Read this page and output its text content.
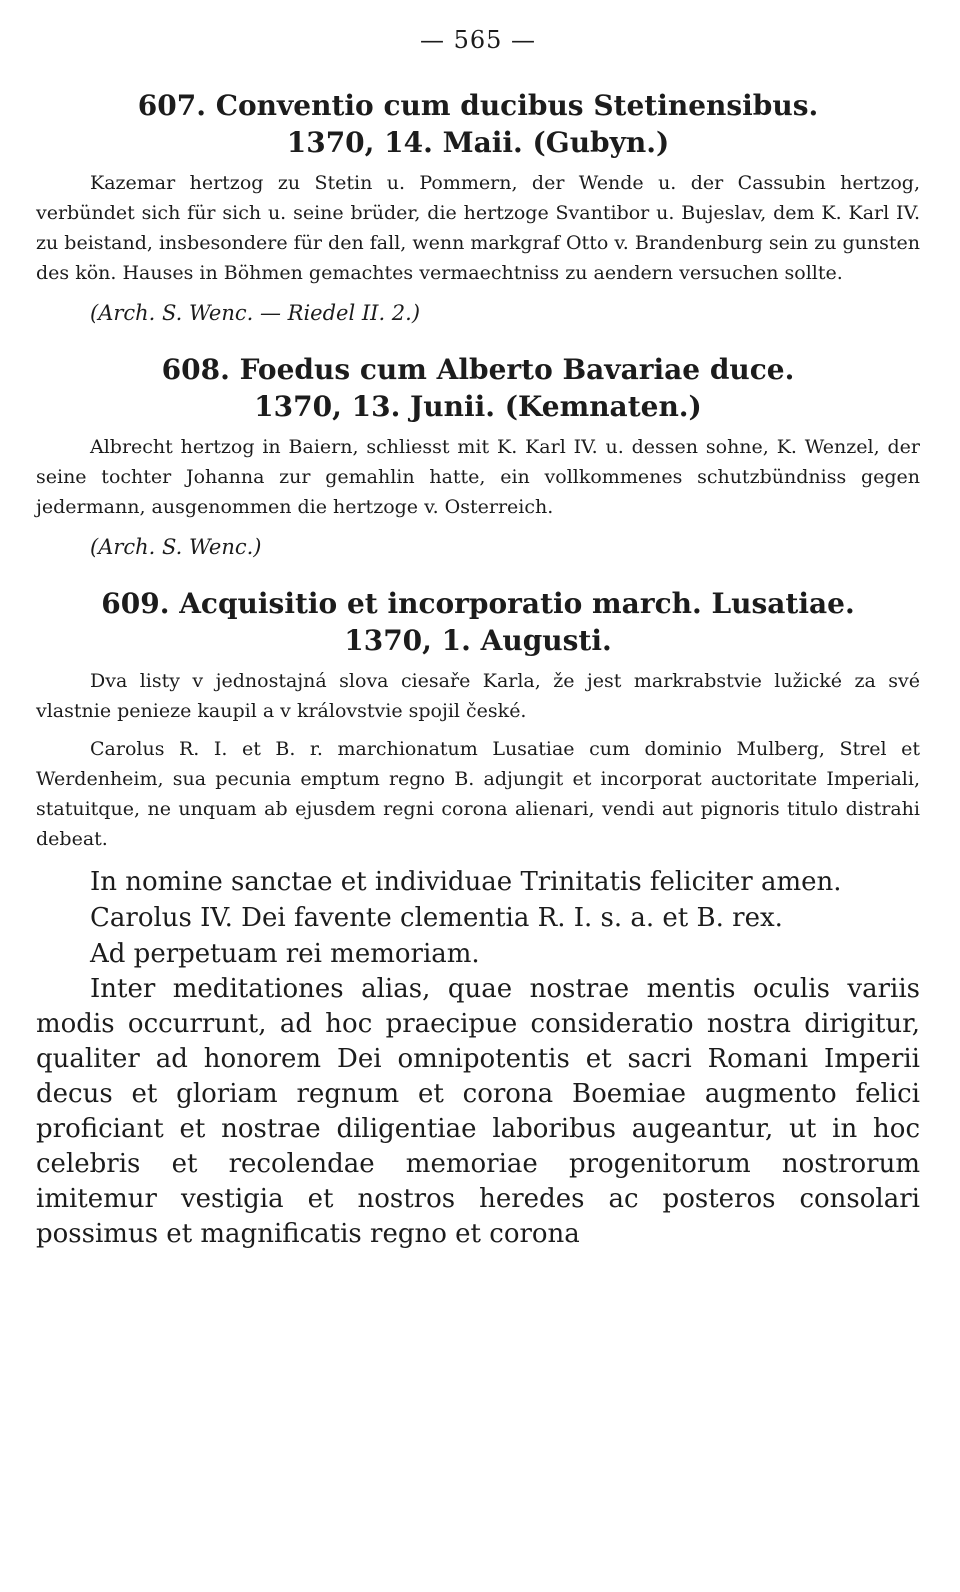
— 565 —
607. Conventio cum ducibus Stetinensibus.
1370, 14. Maii. (Gubyn.)

Kazemar hertzog zu Stetin u. Pommern, der Wende u. der Cassubin hertzog, verbündet sich für sich u. seine brüder, die hertzoge Svantibor u. Bujeslav, dem K. Karl IV. zu beistand, insbesondere für den fall, wenn markgraf Otto v. Brandenburg sein zu gunsten des kön. Hauses in Böhmen gemachtes vermaechtniss zu aendern versuchen sollte.

(Arch. S. Wenc. — Riedel II. 2.)
608. Foedus cum Alberto Bavariae duce.
1370, 13. Junii. (Kemnaten.)

Albrecht hertzog in Baiern, schliesst mit K. Karl IV. u. dessen sohne, K. Wenzel, der seine tochter Johanna zur gemahlin hatte, ein vollkommenes schutzbündniss gegen jedermann, ausgenommen die hertzoge v. Osterreich.

(Arch. S. Wenc.)
609. Acquisitio et incorporatio march. Lusatiae.
1370, 1. Augusti.

Dva listy v jednostajná slova ciesaře Karla, že jest markrabstvie lužické za své vlastnie penieze kaupil a v královstvie spojil české.

Carolus R. I. et B. r. marchionatum Lusatiae cum dominio Mulberg, Strel et Werdenheim, sua pecunia emptum regno B. adjungit et incorporat auctoritate Imperiali, statuitque, ne unquam ab ejusdem regni corona alienari, vendi aut pignoris titulo distrahi debeat.

In nomine sanctae et individuae Trinitatis feliciter amen.

Carolus IV. Dei favente clementia R. I. s. a. et B. rex.

Ad perpetuam rei memoriam.

Inter meditationes alias, quae nostrae mentis oculis variis modis occurrunt, ad hoc praecipue consideratio nostra dirigitur, qualiter ad honorem Dei omnipotentis et sacri Romani Imperii decus et gloriam regnum et corona Boemiae augmento felici proficiant et nostrae diligentiae laboribus augeantur, ut in hoc celebris et recolendae memoriae progenitorum nostrorum imitemur vestigia et nostros heredes ac posteros consolari possimus et magnificatis regno et corona
